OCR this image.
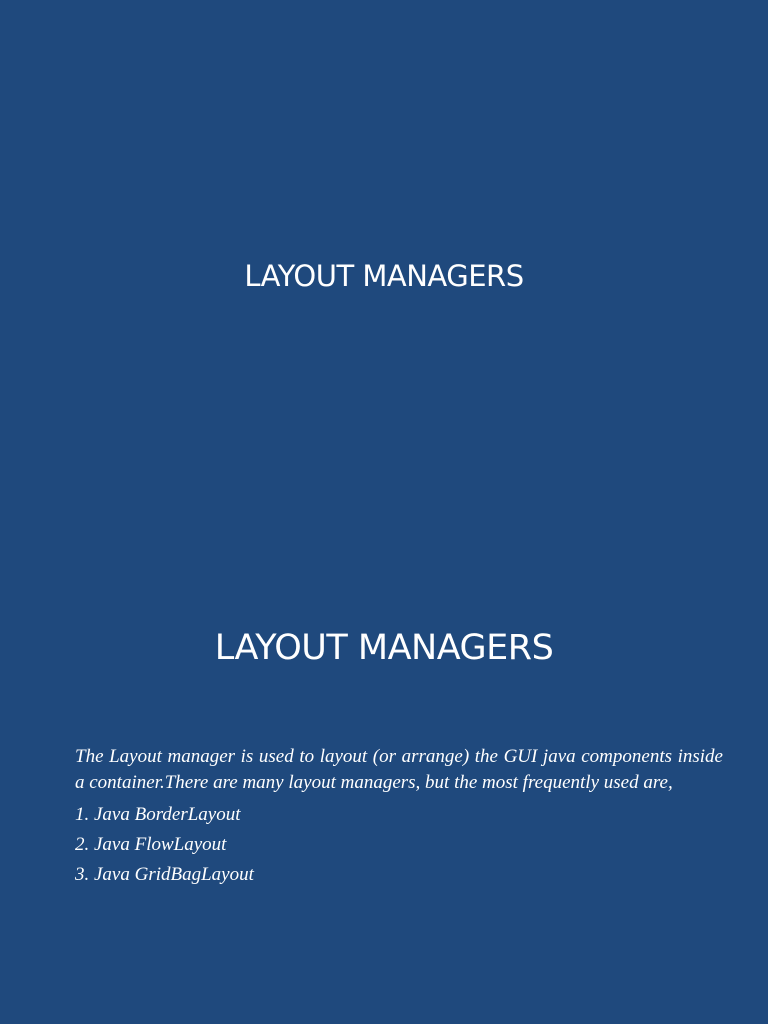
LAYOUT MANAGERS
LAYOUT MANAGERS

The Layout manager is used to layout (or arrange) the GUI java components inside a container.There are many layout managers, but the most frequently used are,

1. Java BorderLayout
2. Java FlowLayout
3. Java GridBagLayout
